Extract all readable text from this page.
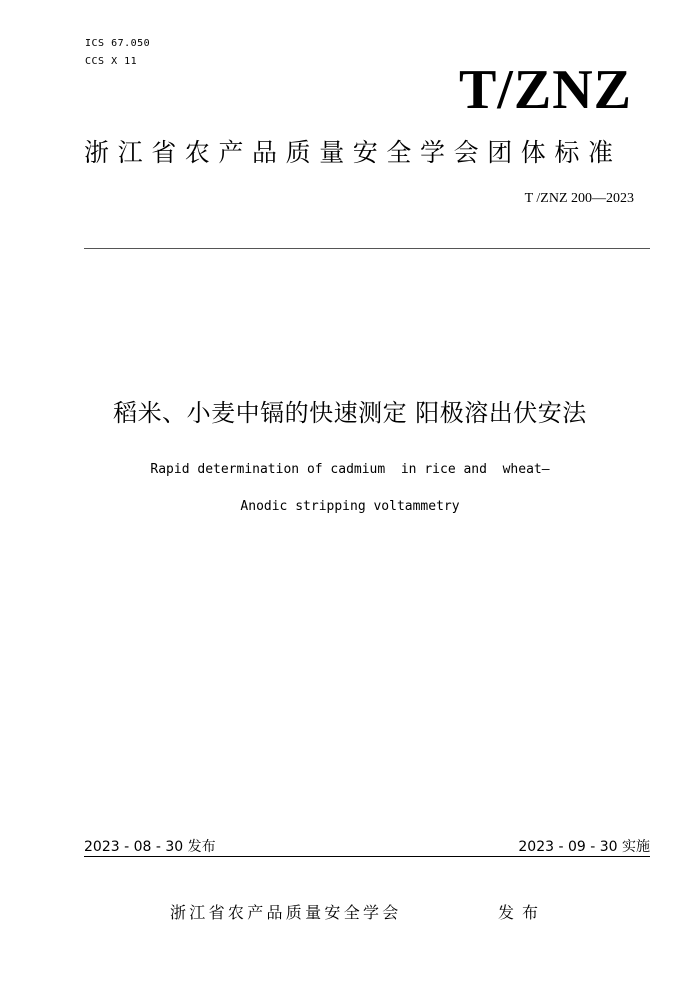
ICS 67.050
CCS X 11	T/ZNZ
浙江省农产品质量安全学会团体标准
T /ZNZ 200—2023
稻米、小麦中镉的快速测定 阳极溶出伏安法
Rapid determination of cadmium  in rice and  wheat—
Anodic stripping voltammetry
2023 - 08 - 30 发布	2023 - 09 - 30 实施
浙江省农产品质量安全学会	发布
